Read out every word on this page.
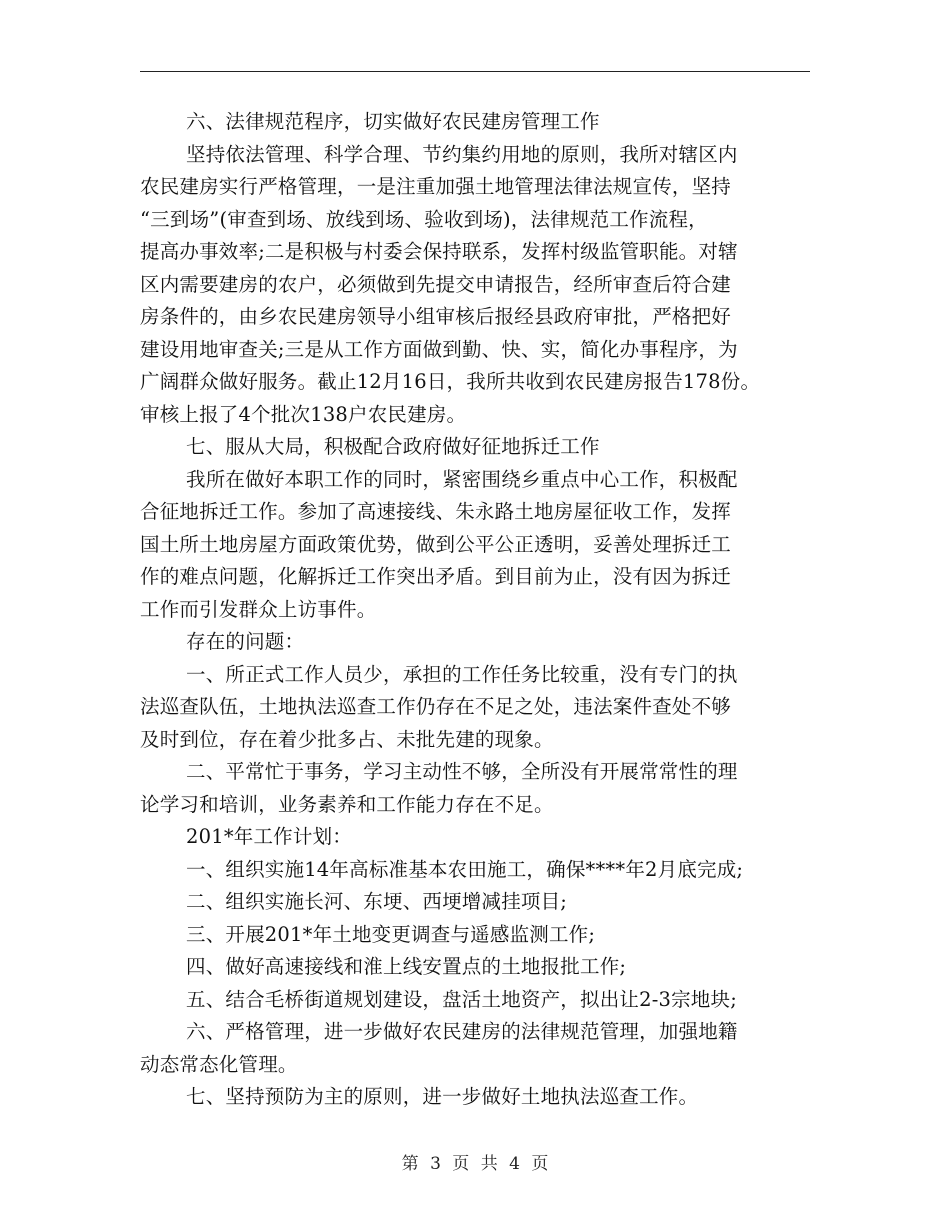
六、法律规范程序，切实做好农民建房管理工作
坚持依法管理、科学合理、节约集约用地的原则，我所对辖区内
农民建房实行严格管理，一是注重加强土地管理法律法规宣传，坚持
“三到场”(审查到场、放线到场、验收到场)，法律规范工作流程，
提高办事效率;二是积极与村委会保持联系，发挥村级监管职能。对辖
区内需要建房的农户，必须做到先提交申请报告，经所审查后符合建
房条件的，由乡农民建房领导小组审核后报经县政府审批，严格把好
建设用地审查关;三是从工作方面做到勤、快、实，简化办事程序，为
广阔群众做好服务。截止12月16日，我所共收到农民建房报告178份。
审核上报了4个批次138户农民建房。
七、服从大局，积极配合政府做好征地拆迁工作
我所在做好本职工作的同时，紧密围绕乡重点中心工作，积极配
合征地拆迁工作。参加了高速接线、朱永路土地房屋征收工作，发挥
国土所土地房屋方面政策优势，做到公平公正透明，妥善处理拆迁工
作的难点问题，化解拆迁工作突出矛盾。到目前为止，没有因为拆迁
工作而引发群众上访事件。
存在的问题：
一、所正式工作人员少，承担的工作任务比较重，没有专门的执
法巡查队伍，土地执法巡查工作仍存在不足之处，违法案件查处不够
及时到位，存在着少批多占、未批先建的现象。
二、平常忙于事务，学习主动性不够，全所没有开展常常性的理
论学习和培训，业务素养和工作能力存在不足。
201*年工作计划：
一、组织实施14年高标准基本农田施工，确保****年2月底完成;
二、组织实施长河、东埂、西埂增减挂项目;
三、开展201*年土地变更调查与遥感监测工作;
四、做好高速接线和淮上线安置点的土地报批工作;
五、结合毛桥街道规划建设，盘活土地资产，拟出让2-3宗地块;
六、严格管理，进一步做好农民建房的法律规范管理，加强地籍
动态常态化管理。
七、坚持预防为主的原则，进一步做好土地执法巡查工作。
第 3 页 共 4 页
